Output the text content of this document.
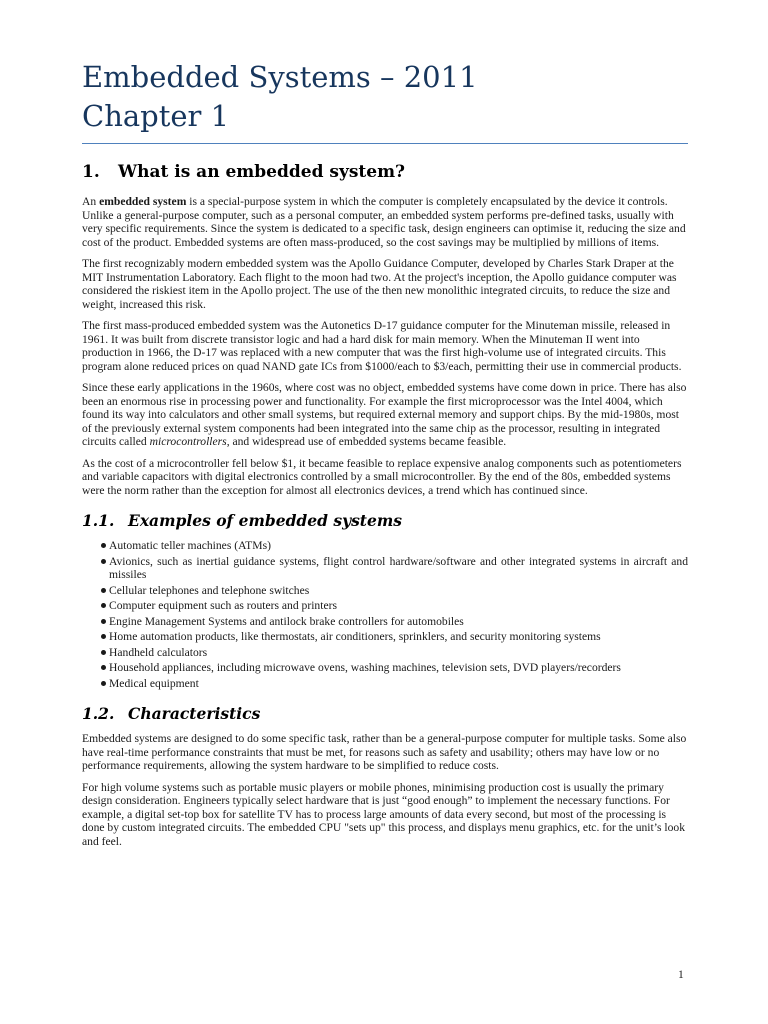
Embedded Systems – 2011
Chapter 1
1. What is an embedded system?

An embedded system is a special-purpose system in which the computer is completely encapsulated by the device it controls. Unlike a general-purpose computer, such as a personal computer, an embedded system performs pre-defined tasks, usually with very specific requirements. Since the system is dedicated to a specific task, design engineers can optimise it, reducing the size and cost of the product. Embedded systems are often mass-produced, so the cost savings may be multiplied by millions of items.

The first recognizably modern embedded system was the Apollo Guidance Computer, developed by Charles Stark Draper at the MIT Instrumentation Laboratory. Each flight to the moon had two. At the project's inception, the Apollo guidance computer was considered the riskiest item in the Apollo project. The use of the then new monolithic integrated circuits, to reduce the size and weight, increased this risk.

The first mass-produced embedded system was the Autonetics D-17 guidance computer for the Minuteman missile, released in 1961. It was built from discrete transistor logic and had a hard disk for main memory. When the Minuteman II went into production in 1966, the D-17 was replaced with a new computer that was the first high-volume use of integrated circuits. This program alone reduced prices on quad NAND gate ICs from $1000/each to $3/each, permitting their use in commercial products.

Since these early applications in the 1960s, where cost was no object, embedded systems have come down in price. There has also been an enormous rise in processing power and functionality. For example the first microprocessor was the Intel 4004, which found its way into calculators and other small systems, but required external memory and support chips. By the mid-1980s, most of the previously external system components had been integrated into the same chip as the processor, resulting in integrated circuits called microcontrollers, and widespread use of embedded systems became feasible.

As the cost of a microcontroller fell below $1, it became feasible to replace expensive analog components such as potentiometers and variable capacitors with digital electronics controlled by a small microcontroller. By the end of the 80s, embedded systems were the norm rather than the exception for almost all electronics devices, a trend which has continued since.

1.1. Examples of embedded systems
Automatic teller machines (ATMs)
Avionics, such as inertial guidance systems, flight control hardware/software and other integrated systems in aircraft and missiles
Cellular telephones and telephone switches
Computer equipment such as routers and printers
Engine Management Systems and antilock brake controllers for automobiles
Home automation products, like thermostats, air conditioners, sprinklers, and security monitoring systems
Handheld calculators
Household appliances, including microwave ovens, washing machines, television sets, DVD players/recorders
Medical equipment
1.2. Characteristics

Embedded systems are designed to do some specific task, rather than be a general-purpose computer for multiple tasks. Some also have real-time performance constraints that must be met, for reasons such as safety and usability; others may have low or no performance requirements, allowing the system hardware to be simplified to reduce costs.

For high volume systems such as portable music players or mobile phones, minimising production cost is usually the primary design consideration. Engineers typically select hardware that is just “good enough” to implement the necessary functions. For example, a digital set-top box for satellite TV has to process large amounts of data every second, but most of the processing is done by custom integrated circuits. The embedded CPU "sets up" this process, and displays menu graphics, etc. for the unit’s look and feel.

1
